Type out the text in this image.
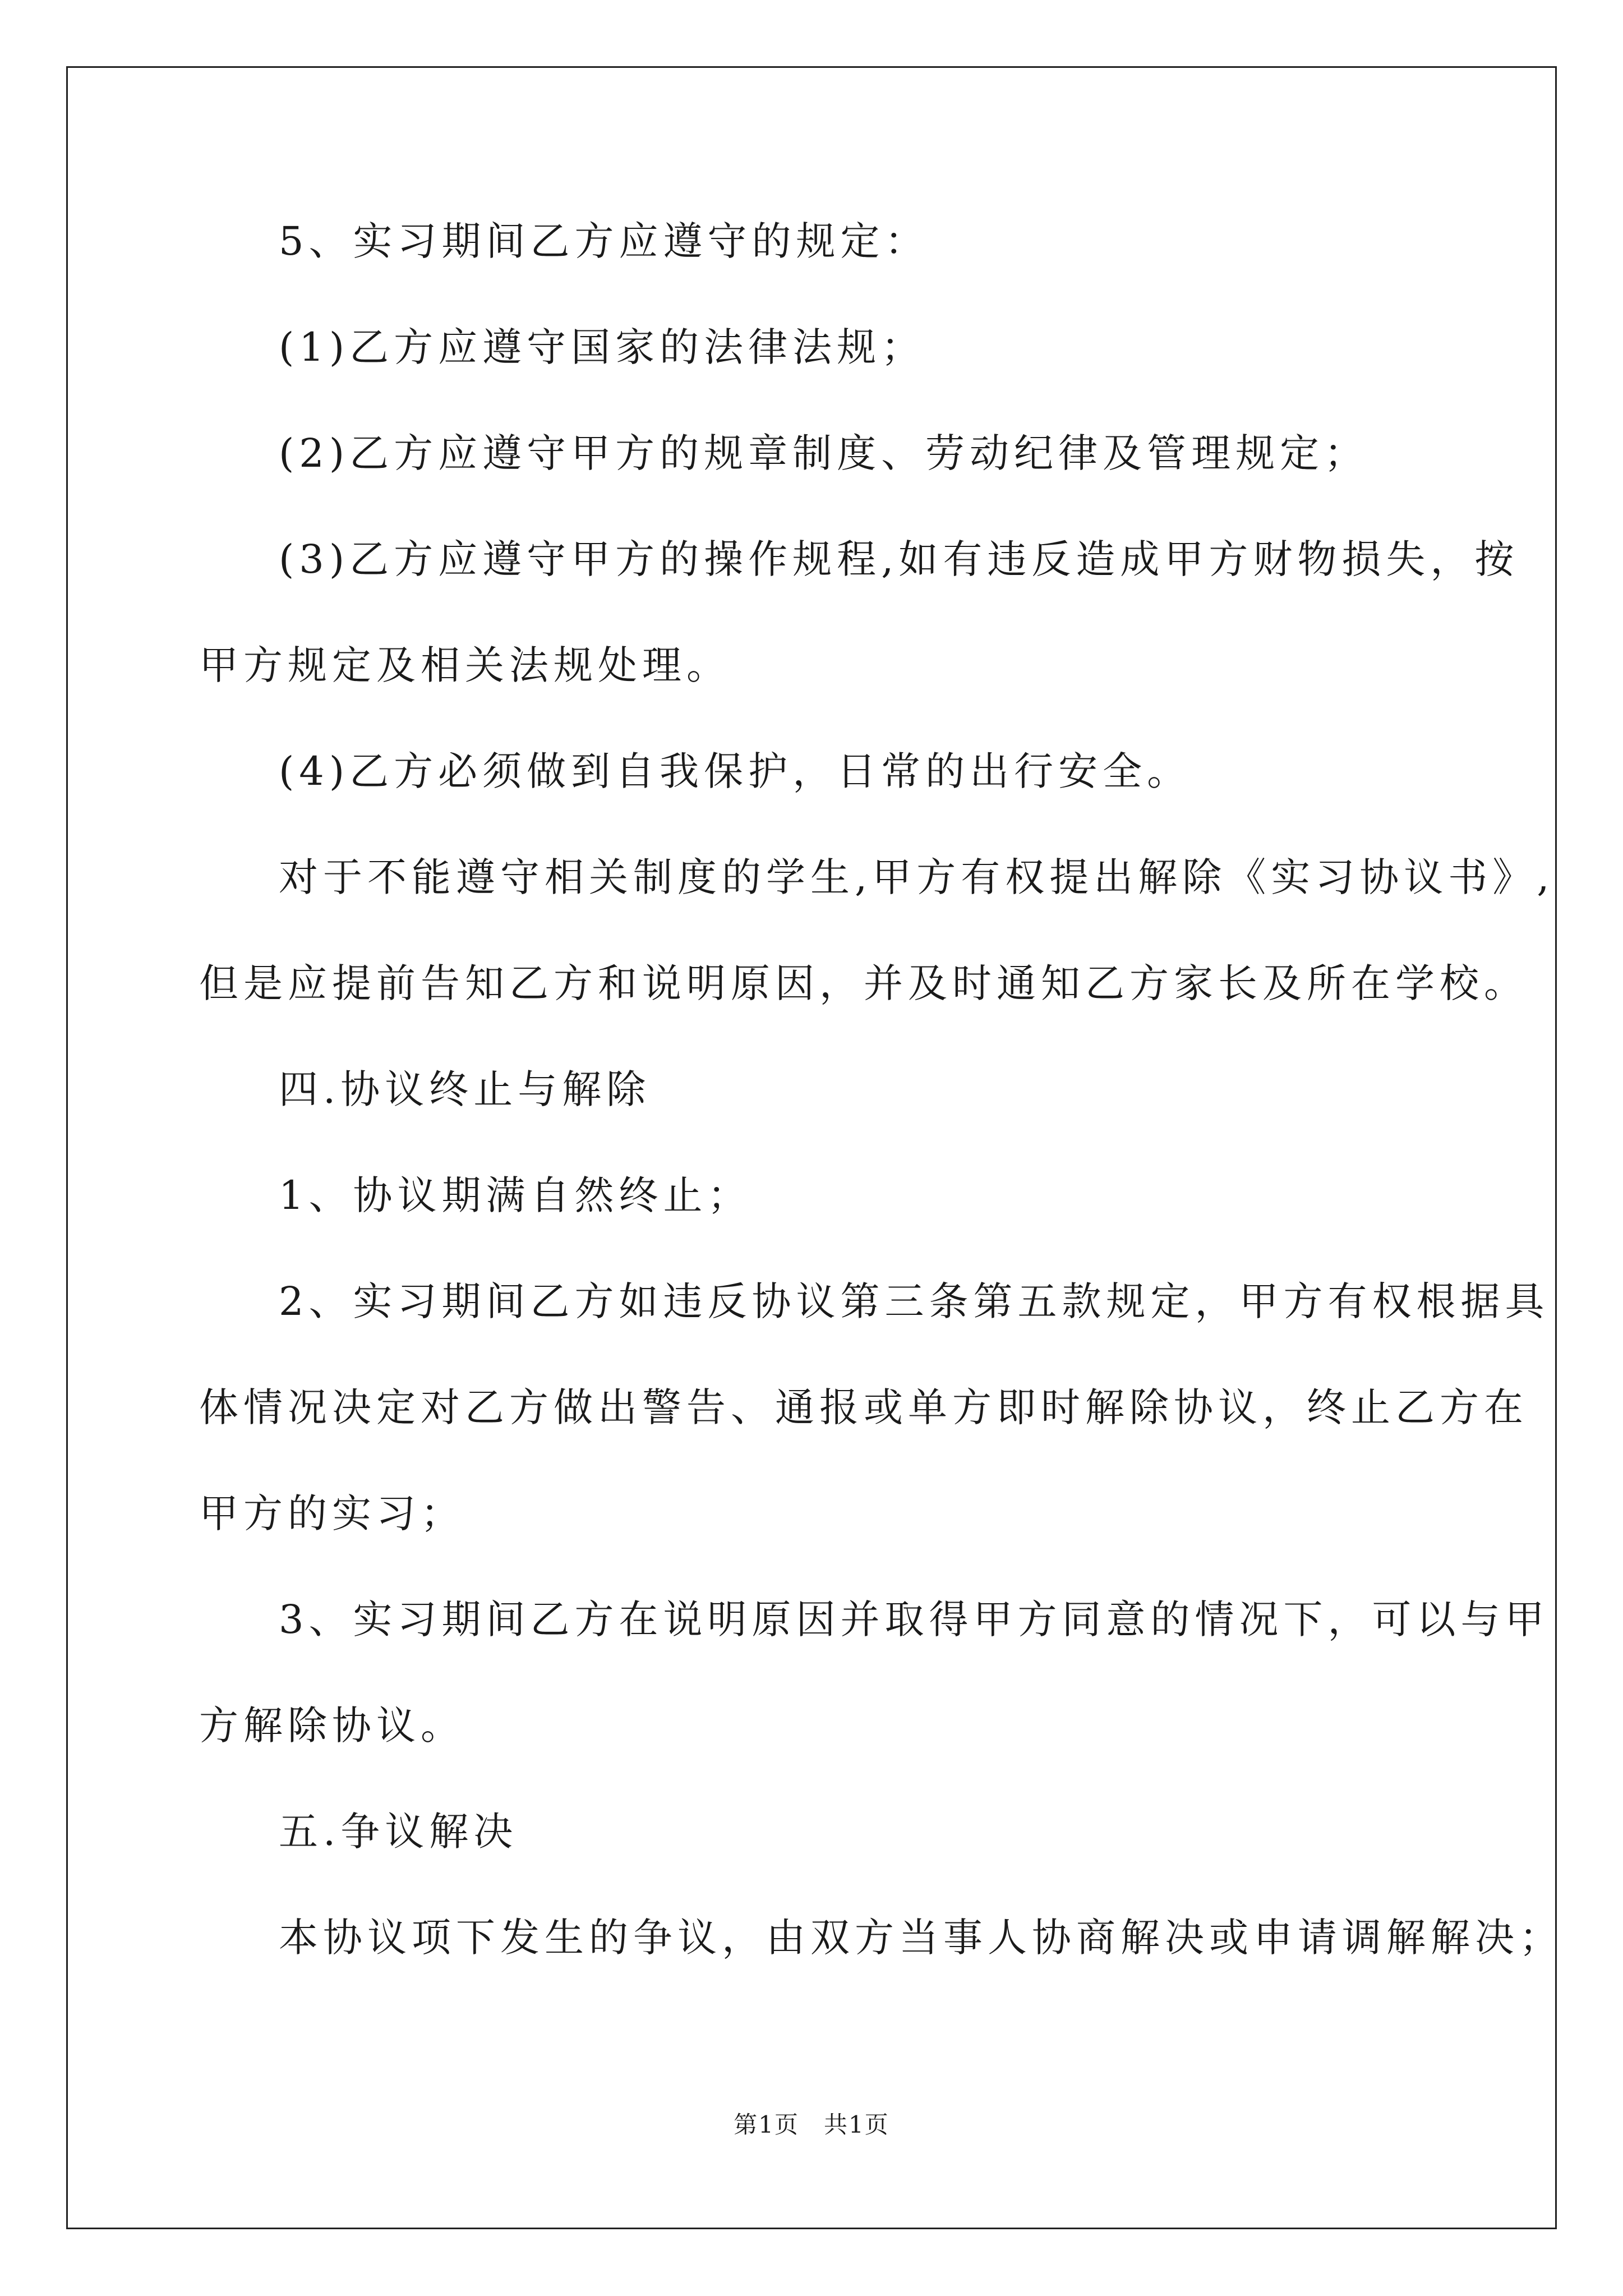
5、实习期间乙方应遵守的规定：
(1)乙方应遵守国家的法律法规；
(2)乙方应遵守甲方的规章制度、劳动纪律及管理规定；
(3)乙方应遵守甲方的操作规程,如有违反造成甲方财物损失，按
甲方规定及相关法规处理。
(4)乙方必须做到自我保护，日常的出行安全。
对于不能遵守相关制度的学生,甲方有权提出解除《实习协议书》,
但是应提前告知乙方和说明原因，并及时通知乙方家长及所在学校。
四.协议终止与解除
1、协议期满自然终止；
2、实习期间乙方如违反协议第三条第五款规定，甲方有权根据具
体情况决定对乙方做出警告、通报或单方即时解除协议，终止乙方在
甲方的实习；
3、实习期间乙方在说明原因并取得甲方同意的情况下，可以与甲
方解除协议。
五.争议解决
本协议项下发生的争议，由双方当事人协商解决或申请调解解决；
第1页　共1页
